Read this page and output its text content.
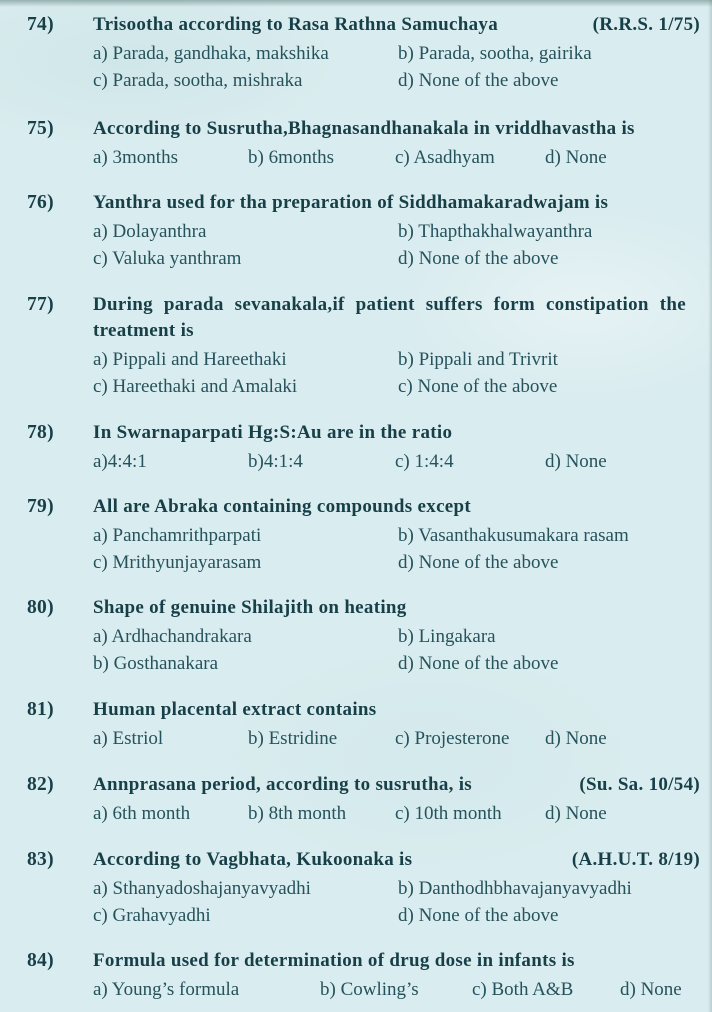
74) Trisootha according to Rasa Rathna Samuchaya	(R.R.S. 1/75)
a) Parada, gandhaka, makshika	b) Parada, sootha, gairika
c) Parada, sootha, mishraka	d) None of the above
75) According to Susrutha,Bhagnasandhanakala in vriddhavastha is
a) 3months	b) 6months	c) Asadhyam	d) None
76) Yanthra used for tha preparation of Siddhamakaradwajam is
a) Dolayanthra	b) Thapthakhalwayanthra
c) Valuka yanthram	d) None of the above
77) During parada sevanakala,if patient suffers form constipation the treatment is
a) Pippali and Hareethaki	b) Pippali and Trivrit
c) Hareethaki and Amalaki	c) None of the above
78) In Swarnaparpati Hg:S:Au are in the ratio
a)4:4:1	b)4:1:4	c) 1:4:4	d) None
79) All are Abraka containing compounds except
a) Panchamrithparpati	b) Vasanthakusumakara rasam
c) Mrithyunjayarasam	d) None of the above
80) Shape of genuine Shilajith on heating
a) Ardhachandrakara	b) Lingakara
b) Gosthanakara	d) None of the above
81) Human placental extract contains
a) Estriol	b) Estridine	c) Projesterone	d) None
82) Annprasana period, according to susrutha, is	(Su. Sa. 10/54)
a) 6th month	b) 8th month	c) 10th month	d) None
83) According to Vagbhata, Kukoonaka is	(A.H.U.T. 8/19)
a) Sthanyadoshajanyavyadhi	b) Danthodhbhavajanyavyadhi
c) Grahavyadhi	d) None of the above
84) Formula used for determination of drug dose in infants is
a) Young’s formula	b) Cowling’s	c) Both A&B	d) None
